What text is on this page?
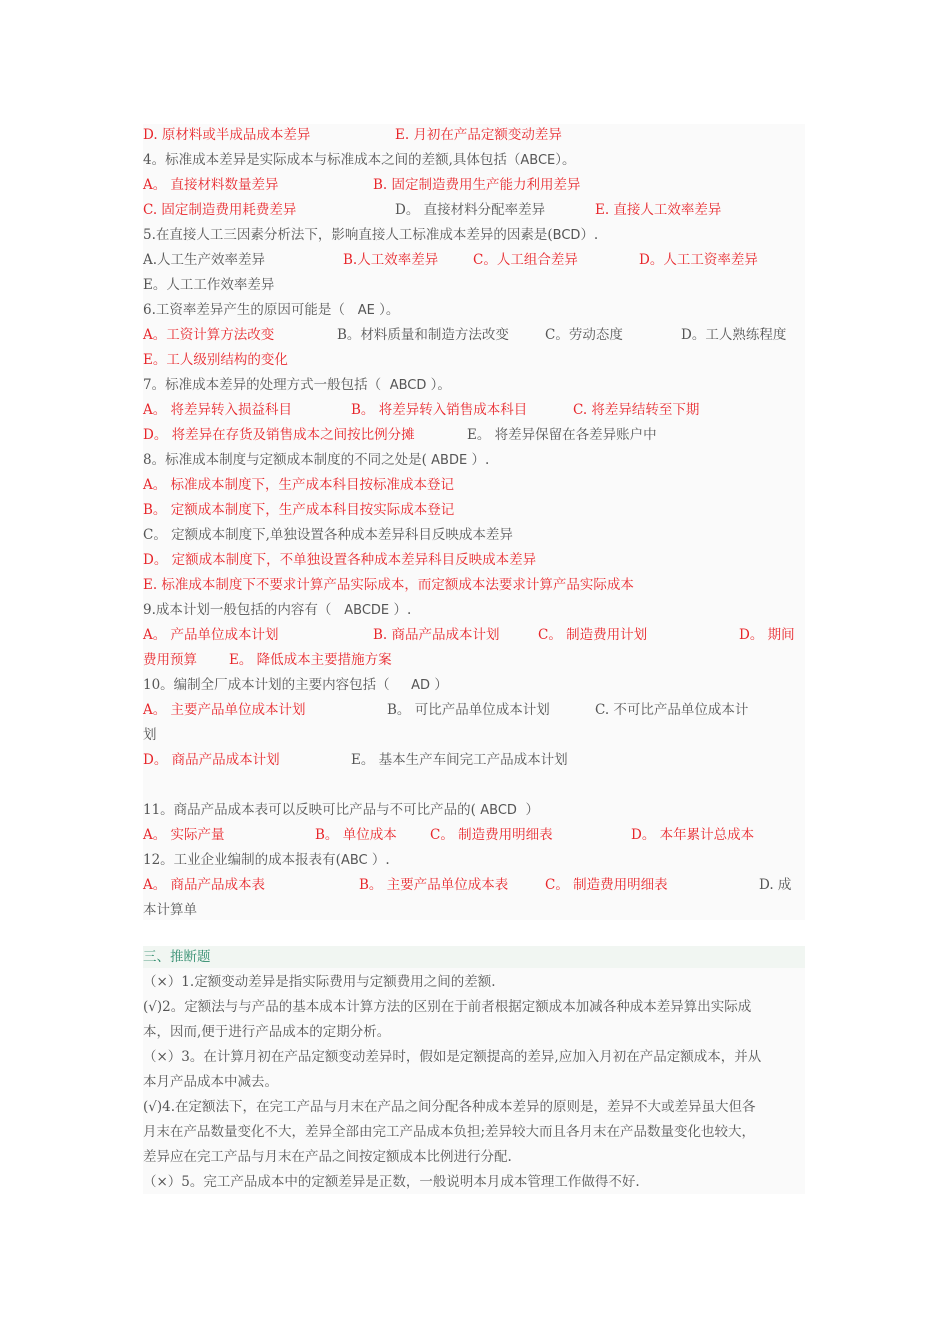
D. 原材料或半成品成本差异	E. 月初在产品定额变动差异
4。标准成本差异是实际成本与标准成本之间的差额,具体包括（ABCE）。
A。 直接材料数量差异	B. 固定制造费用生产能力利用差异
C. 固定制造费用耗费差异	D。 直接材料分配率差异	E. 直接人工效率差异
5.在直接人工三因素分析法下，影响直接人工标准成本差异的因素是(BCD）.
A.人工生产效率差异	B.人工效率差异	C。人工组合差异	D。人工工资率差异
E。人工工作效率差异
6.工资率差异产生的原因可能是（ AE ）。
A。工资计算方法改变	B。材料质量和制造方法改变	C。劳动态度	D。工人熟练程度
E。工人级别结构的变化
7。标准成本差异的处理方式一般包括（ ABCD ）。
A。 将差异转入损益科目	B。 将差异转入销售成本科目	C. 将差异结转至下期
D。 将差异在存货及销售成本之间按比例分摊	E。 将差异保留在各差异账户中
8。标准成本制度与定额成本制度的不同之处是( ABDE ）.
A。 标准成本制度下，生产成本科目按标准成本登记
B。 定额成本制度下，生产成本科目按实际成本登记
C。 定额成本制度下,单独设置各种成本差异科目反映成本差异
D。 定额成本制度下，不单独设置各种成本差异科目反映成本差异
E. 标准成本制度下不要求计算产品实际成本，而定额成本法要求计算产品实际成本
9.成本计划一般包括的内容有（ ABCDE ）.
A。 产品单位成本计划	B. 商品产品成本计划	C。 制造费用计划	D。 期间
费用预算 E。 降低成本主要措施方案
10。编制全厂成本计划的主要内容包括（ AD ）
A。 主要产品单位成本计划	B。 可比产品单位成本计划	C. 不可比产品单位成本计
划
D。 商品产品成本计划	E。 基本生产车间完工产品成本计划
11。商品产品成本表可以反映可比产品与不可比产品的( ABCD ）
A。 实际产量	B。 单位成本 C。 制造费用明细表	D。 本年累计总成本
12。工业企业编制的成本报表有(ABC ）.
A。 商品产品成本表	B。 主要产品单位成本表	C。 制造费用明细表	D. 成
本计算单
三、推断题
（×）1.定额变动差异是指实际费用与定额费用之间的差额.
(√)2。定额法与与产品的基本成本计算方法的区别在于前者根据定额成本加减各种成本差异算出实际成
本，因而,便于进行产品成本的定期分析。
（×）3。在计算月初在产品定额变动差异时，假如是定额提高的差异,应加入月初在产品定额成本，并从
本月产品成本中减去。
(√)4.在定额法下，在完工产品与月末在产品之间分配各种成本差异的原则是，差异不大或差异虽大但各
月末在产品数量变化不大，差异全部由完工产品成本负担;差异较大而且各月末在产品数量变化也较大，
差异应在完工产品与月末在产品之间按定额成本比例进行分配.
（×）5。完工产品成本中的定额差异是正数，一般说明本月成本管理工作做得不好.
